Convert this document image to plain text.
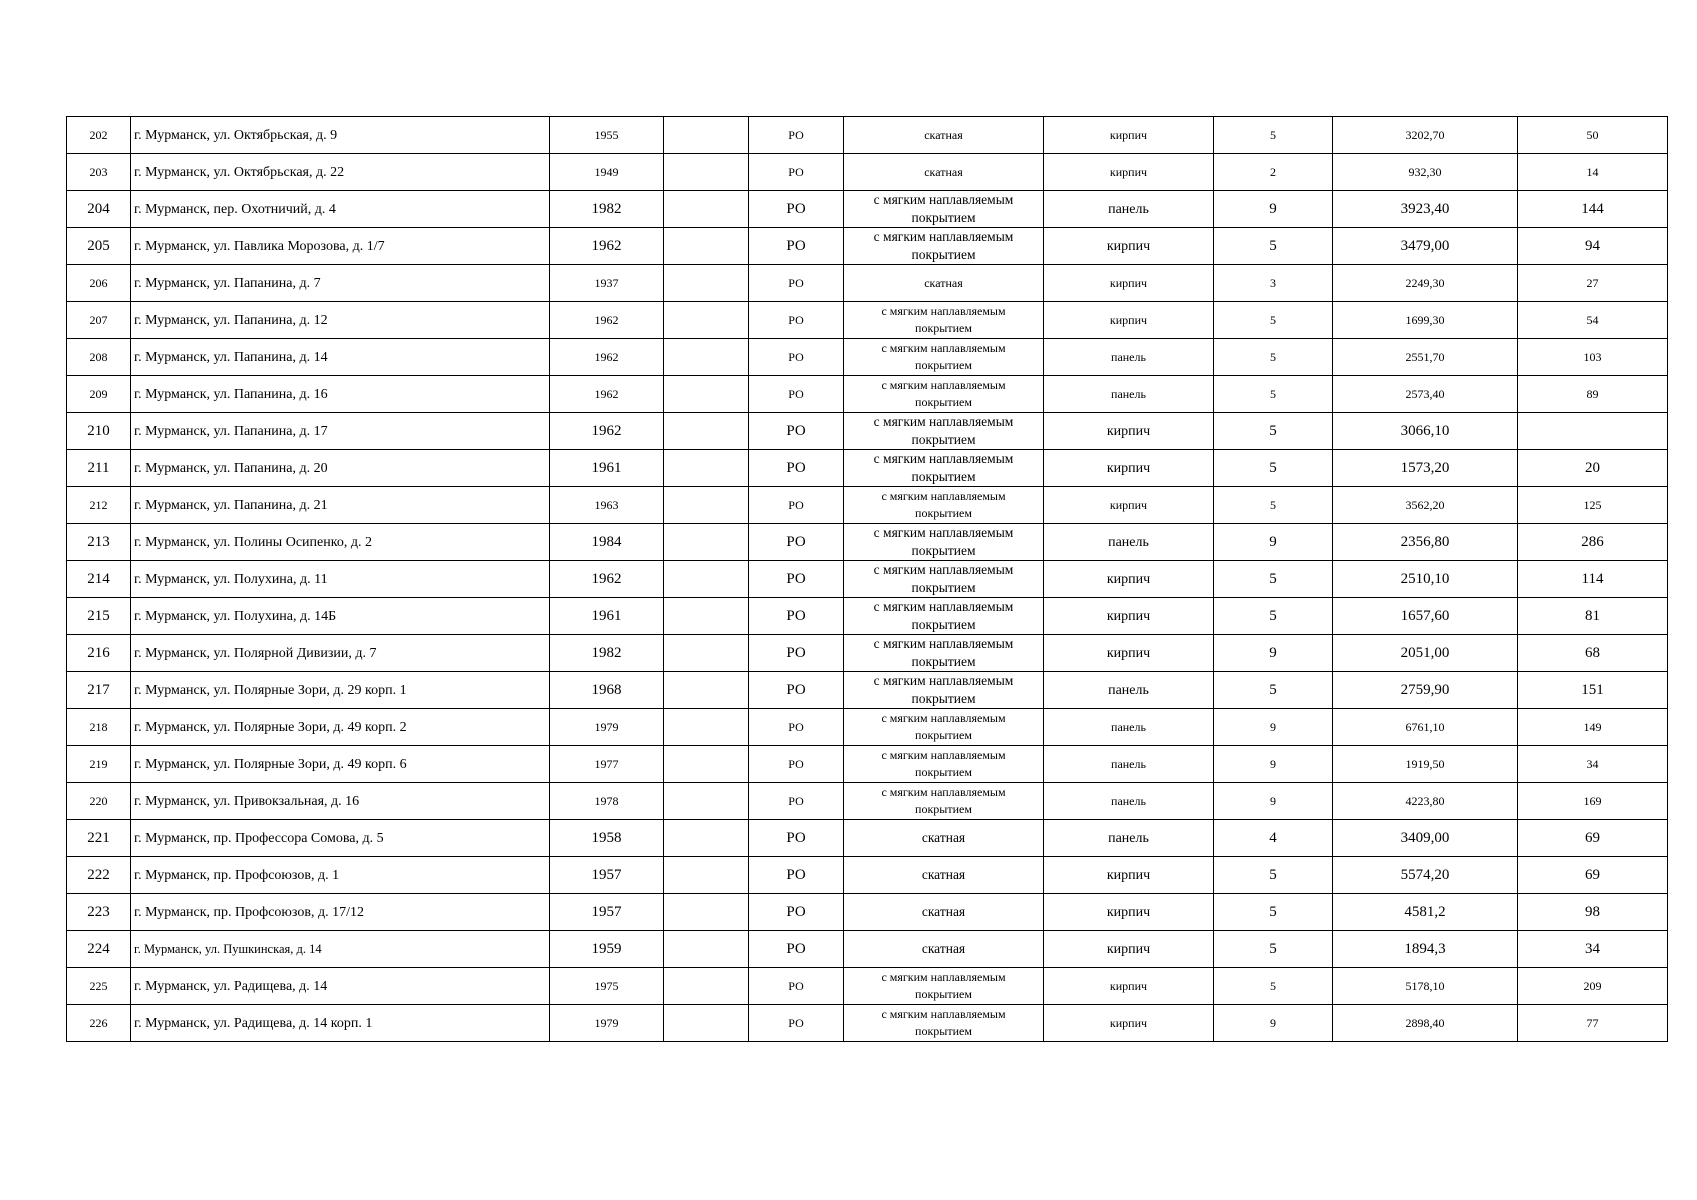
202	г. Мурманск, ул. Октябрьская, д. 9	1955		РО	скатная	кирпич	5	3202,70	50
203	г. Мурманск, ул. Октябрьская, д. 22	1949		РО	скатная	кирпич	2	932,30	14
204	г. Мурманск, пер. Охотничий, д. 4	1982		РО	с мягким наплавляемым
покрытием	панель	9	3923,40	144
205	г. Мурманск, ул. Павлика Морозова, д. 1/7	1962		РО	с мягким наплавляемым
покрытием	кирпич	5	3479,00	94
206	г. Мурманск, ул. Папанина, д. 7	1937		РО	скатная	кирпич	3	2249,30	27
207	г. Мурманск, ул. Папанина, д. 12	1962		РО	с мягким наплавляемым
покрытием	кирпич	5	1699,30	54
208	г. Мурманск, ул. Папанина, д. 14	1962		РО	с мягким наплавляемым
покрытием	панель	5	2551,70	103
209	г. Мурманск, ул. Папанина, д. 16	1962		РО	с мягким наплавляемым
покрытием	панель	5	2573,40	89
210	г. Мурманск, ул. Папанина, д. 17	1962		РО	с мягким наплавляемым
покрытием	кирпич	5	3066,10	
211	г. Мурманск, ул. Папанина, д. 20	1961		РО	с мягким наплавляемым
покрытием	кирпич	5	1573,20	20
212	г. Мурманск, ул. Папанина, д. 21	1963		РО	с мягким наплавляемым
покрытием	кирпич	5	3562,20	125
213	г. Мурманск, ул. Полины Осипенко, д. 2	1984		РО	с мягким наплавляемым
покрытием	панель	9	2356,80	286
214	г. Мурманск, ул. Полухина, д. 11	1962		РО	с мягким наплавляемым
покрытием	кирпич	5	2510,10	114
215	г. Мурманск, ул. Полухина, д. 14Б	1961		РО	с мягким наплавляемым
покрытием	кирпич	5	1657,60	81
216	г. Мурманск, ул. Полярной Дивизии, д. 7	1982		РО	с мягким наплавляемым
покрытием	кирпич	9	2051,00	68
217	г. Мурманск, ул. Полярные Зори, д. 29 корп. 1	1968		РО	с мягким наплавляемым
покрытием	панель	5	2759,90	151
218	г. Мурманск, ул. Полярные Зори, д. 49 корп. 2	1979		РО	с мягким наплавляемым
покрытием	панель	9	6761,10	149
219	г. Мурманск, ул. Полярные Зори, д. 49 корп. 6	1977		РО	с мягким наплавляемым
покрытием	панель	9	1919,50	34
220	г. Мурманск, ул. Привокзальная, д. 16	1978		РО	с мягким наплавляемым
покрытием	панель	9	4223,80	169
221	г. Мурманск, пр. Профессора Сомова, д. 5	1958		РО	скатная	панель	4	3409,00	69
222	г. Мурманск, пр. Профсоюзов, д. 1	1957		РО	скатная	кирпич	5	5574,20	69
223	г. Мурманск, пр. Профсоюзов, д. 17/12	1957		РО	скатная	кирпич	5	4581,2	98
224	г. Мурманск, ул. Пушкинская, д. 14	1959		РО	скатная	кирпич	5	1894,3	34
225	г. Мурманск, ул. Радищева, д. 14	1975		РО	с мягким наплавляемым
покрытием	кирпич	5	5178,10	209
226	г. Мурманск, ул. Радищева, д. 14 корп. 1	1979		РО	с мягким наплавляемым
покрытием	кирпич	9	2898,40	77
